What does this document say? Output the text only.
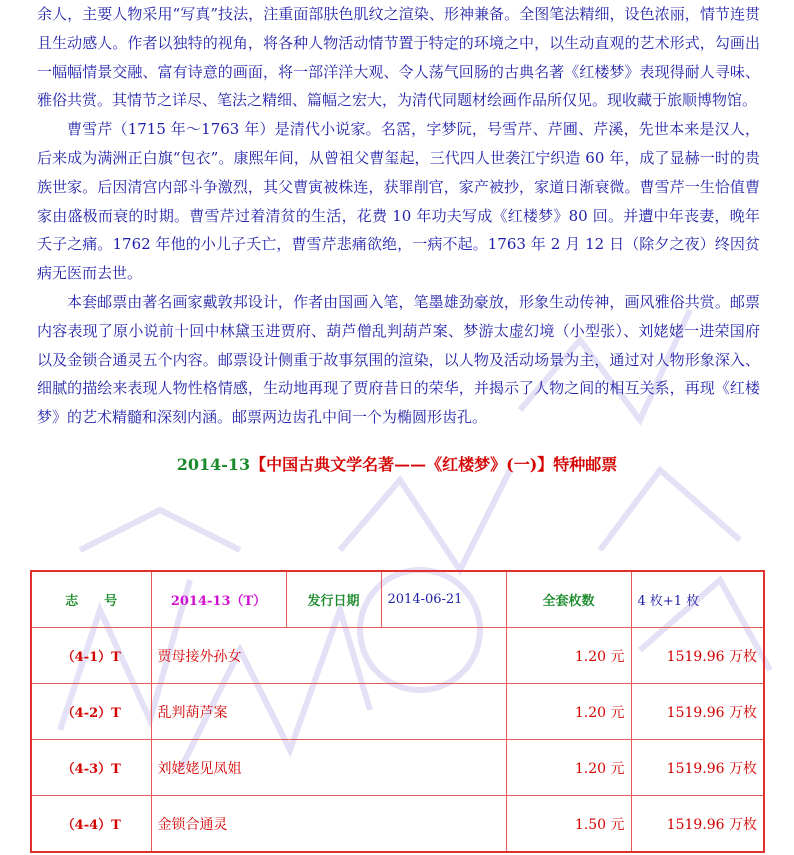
余人，主要人物采用“写真”技法，注重面部肤色肌纹之渲染、形神兼备。全图笔法精细，设色浓丽，情节连贯且生动感人。作者以独特的视角，将各种人物活动情节置于特定的环境之中，以生动直观的艺术形式，勾画出一幅幅情景交融、富有诗意的画面，将一部洋洋大观、令人荡气回肠的古典名著《红楼梦》表现得耐人寻味、雅俗共赏。其情节之详尽、笔法之精细、篇幅之宏大，为清代同题材绘画作品所仅见。现收藏于旅顺博物馆。

曹雪芹（1715 年～1763 年）是清代小说家。名霑，字梦阮，号雪芹、芹圃、芹溪，先世本来是汉人，后来成为满洲正白旗“包衣”。康熙年间，从曾祖父曹玺起，三代四人世袭江宁织造 60 年，成了显赫一时的贵族世家。后因清宫内部斗争激烈，其父曹寅被株连，获罪削官，家产被抄，家道日渐衰微。曹雪芹一生恰值曹家由盛极而衰的时期。曹雪芹过着清贫的生活，花费 10 年功夫写成《红楼梦》80 回。并遭中年丧妻，晚年夭子之痛。1762 年他的小儿子夭亡，曹雪芹悲痛欲绝，一病不起。1763 年 2 月 12 日（除夕之夜）终因贫病无医而去世。

本套邮票由著名画家戴敦邦设计，作者由国画入笔，笔墨雄劲豪放，形象生动传神，画风雅俗共赏。邮票内容表现了原小说前十回中林黛玉进贾府、葫芦僧乱判葫芦案、梦游太虚幻境（小型张）、刘姥姥一进荣国府以及金锁合通灵五个内容。邮票设计侧重于故事氛围的渲染，以人物及活动场景为主，通过对人物形象深入、细腻的描绘来表现人物性格情感，生动地再现了贾府昔日的荣华，并揭示了人物之间的相互关系，再现《红楼梦》的艺术精髓和深刻内涵。邮票两边齿孔中间一个为椭圆形齿孔。

2014-13【中国古典文学名著——《红楼梦》(一)】特种邮票
志　　号	2014-13（T）	发行日期	2014-06-21	全套枚数	4 枚+1 枚
（4-1）T	贾母接外孙女			1.20 元	1519.96 万枚
（4-2）T	乱判葫芦案			1.20 元	1519.96 万枚
（4-3）T	刘姥姥见凤姐			1.20 元	1519.96 万枚
（4-4）T	金锁合通灵			1.50 元	1519.96 万枚
